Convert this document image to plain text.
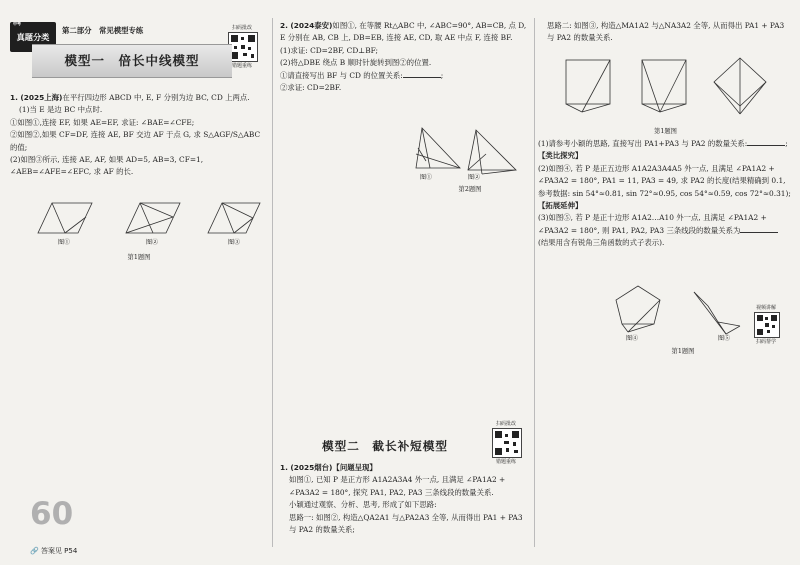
中考
真题分类
第二部分　常见模型专练	扫码批改
错题重练
模型一　倍长中线模型

1. (2025上海)在平行四边形 ABCD 中, E, F 分别为边 BC, CD 上两点.

(1)当 E 是边 BC 中点时.

①如图①,连接 EF, 如果 AE=EF, 求证: ∠BAE=∠CFE;

②如图②,如果 CF=DF, 连接 AE, BF 交边 AF 于点 G, 求 S△AGF/S△ABC 的值;

(2)如图③所示, 连接 AE, AF, 如果 AD=5, AB=3, CF=1, ∠AEB=∠AFE=∠EFC, 求 AF 的长.

图①	图②	图③
第1题图

2. (2024泰安)如图①, 在等腰 Rt△ABC 中, ∠ABC=90°, AB=CB, 点 D, E 分别在 AB, CB 上, DB=EB, 连接 AE, CD, 取 AE 中点 F, 连接 BF.

(1)求证: CD=2BF, CD⊥BF;

(2)将△DBE 绕点 B 顺时针旋转到图②的位置.

①请直接写出 BF 与 CD 的位置关系:	;

②求证: CD=2BF.

图①	图②
第2题图
扫码批改
错题重练
模型二　截长补短模型

1. (2025烟台)【问题呈现】

如图①, 已知 P 是正方形 A1A2A3A4 外一点, 且满足 ∠PA1A2 + ∠PA3A2 = 180°, 探究 PA1, PA2, PA3 三条线段的数量关系.

小颖通过观察、分析、思考, 形成了如下思路:

思路一: 如图②, 构造△QA2A1 与△PA2A3 全等, 从而得出 PA1 + PA3 与 PA2 的数量关系;

思路二: 如图③, 构造△MA1A2 与△NA3A2 全等, 从而得出 PA1 + PA3 与 PA2 的数量关系.

第1题图

(1)请参考小颖的思路, 直接写出 PA1+PA3 与 PA2 的数量关系:	;

【类比探究】

(2)如图④, 若 P 是正五边形 A1A2A3A4A5 外一点, 且满足 ∠PA1A2 + ∠PA3A2 = 180°, PA1 = 11, PA3 = 49, 求 PA2 的长度(结果精确到 0.1, 参考数据: sin 54°≈0.81, sin 72°≈0.95, cos 54°≈0.59, cos 72°≈0.31);

【拓展延伸】

(3)如图⑤, 若 P 是正十边形 A1A2…A10 外一点, 且满足 ∠PA1A2 + ∠PA3A2 = 180°, 则 PA1, PA2, PA3 三条线段的数量关系为

(结果用含有锐角三角函数的式子表示).

图④	图⑤
第1题图
视频讲解
扫码帮学
60
🔗 答案见 P54
